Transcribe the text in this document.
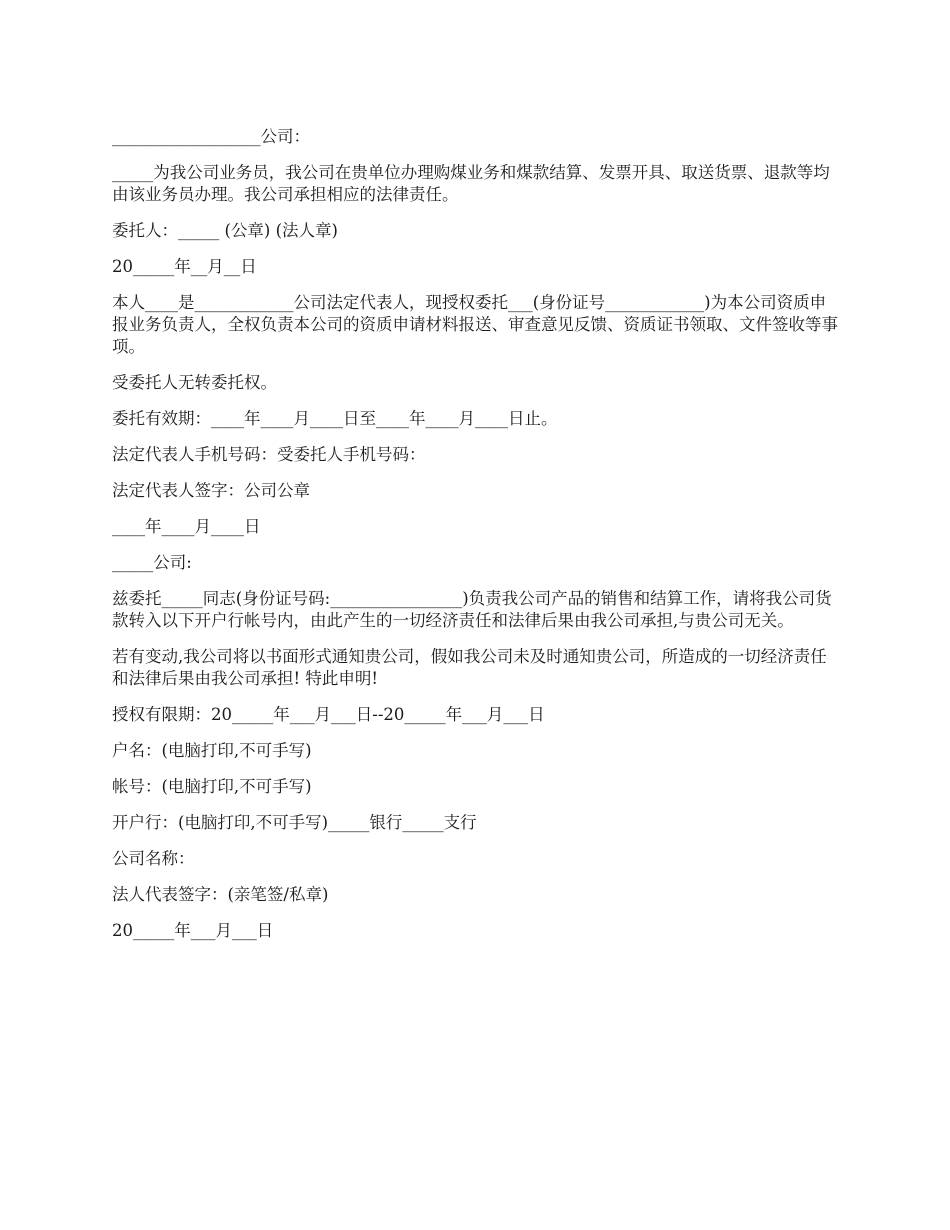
__________________公司：

_____为我公司业务员，我公司在贵单位办理购煤业务和煤款结算、发票开具、取送货票、退款等均由该业务员办理。我公司承担相应的法律责任。

委托人：_____ (公章) (法人章)

20_____年__月__日

本人____是____________公司法定代表人，现授权委托___(身份证号____________)为本公司资质申报业务负责人，全权负责本公司的资质申请材料报送、审查意见反馈、资质证书领取、文件签收等事项。

受委托人无转委托权。

委托有效期：____年____月____日至____年____月____日止。

法定代表人手机号码：受委托人手机号码：

法定代表人签字：公司公章

____年____月____日

_____公司:

兹委托_____同志(身份证号码:________________)负责我公司产品的销售和结算工作，请将我公司货款转入以下开户行帐号内，由此产生的一切经济责任和法律后果由我公司承担,与贵公司无关。

若有变动,我公司将以书面形式通知贵公司，假如我公司未及时通知贵公司，所造成的一切经济责任和法律后果由我公司承担! 特此申明!

授权有限期：20_____年___月___日--20_____年___月___日

户名：(电脑打印,不可手写)

帐号：(电脑打印,不可手写)

开户行：(电脑打印,不可手写)_____银行_____支行

公司名称：

法人代表签字：(亲笔签/私章)

20_____年___月___日
